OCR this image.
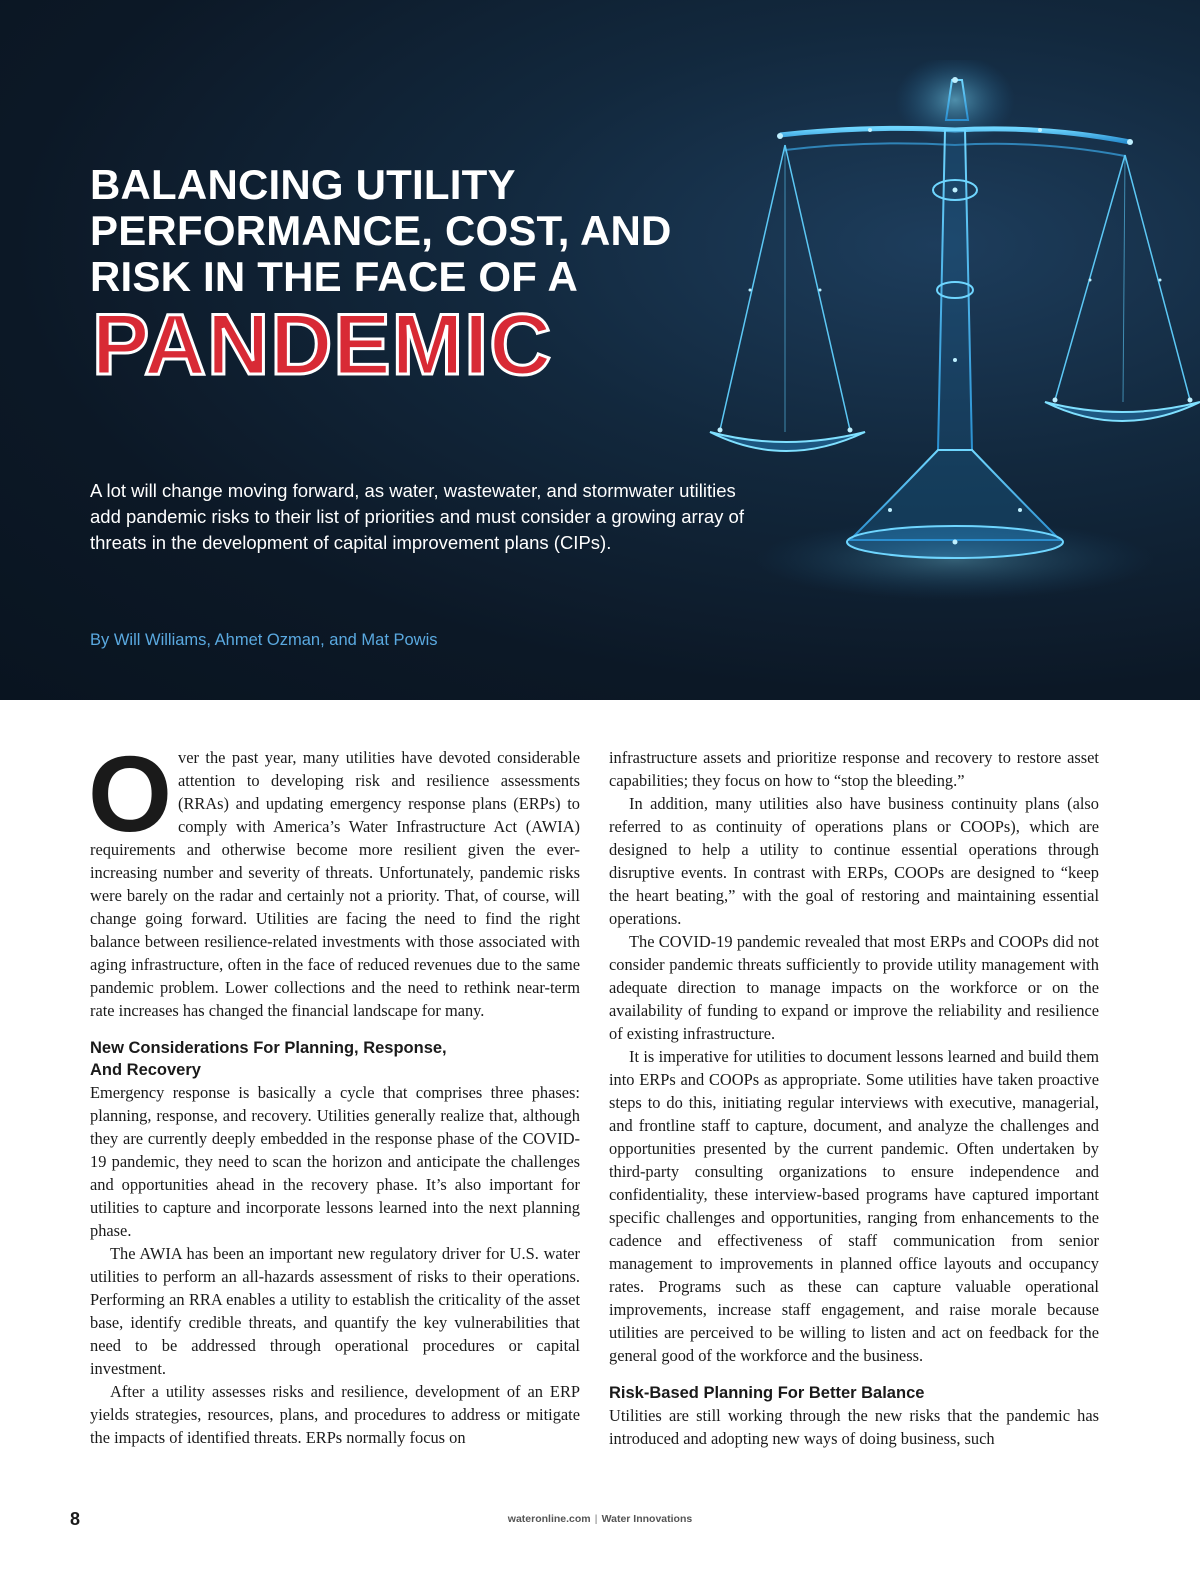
BALANCING UTILITY
PERFORMANCE, COST, AND
RISK IN THE FACE OF A
PANDEMIC

A lot will change moving forward, as water, wastewater, and stormwater utilities add pandemic risks to their list of priorities and must consider a growing array of threats in the development of capital improvement plans (CIPs).

By Will Williams, Ahmet Ozman, and Mat Powis

Over the past year, many utilities have devoted considerable attention to developing risk and resilience assessments (RRAs) and updating emergency response plans (ERPs) to comply with America’s Water Infrastructure Act (AWIA) requirements and otherwise become more resilient given the ever-increasing number and severity of threats. Unfortunately, pandemic risks were barely on the radar and certainly not a priority. That, of course, will change going forward. Utilities are facing the need to find the right balance between resilience-related investments with those associated with aging infrastructure, often in the face of reduced revenues due to the same pandemic problem. Lower collections and the need to rethink near-term rate increases has changed the financial landscape for many.

New Considerations For Planning, Response,
And Recovery

Emergency response is basically a cycle that comprises three phases: planning, response, and recovery. Utilities generally realize that, although they are currently deeply embedded in the response phase of the COVID-19 pandemic, they need to scan the horizon and anticipate the challenges and opportunities ahead in the recovery phase. It’s also important for utilities to capture and incorporate lessons learned into the next planning phase.

The AWIA has been an important new regulatory driver for U.S. water utilities to perform an all-hazards assessment of risks to their operations. Performing an RRA enables a utility to establish the criticality of the asset base, identify credible threats, and quantify the key vulnerabilities that need to be addressed through operational procedures or capital investment.

After a utility assesses risks and resilience, development of an ERP yields strategies, resources, plans, and procedures to address or mitigate the impacts of identified threats. ERPs normally focus on

infrastructure assets and prioritize response and recovery to restore asset capabilities; they focus on how to “stop the bleeding.”

In addition, many utilities also have business continuity plans (also referred to as continuity of operations plans or COOPs), which are designed to help a utility to continue essential operations through disruptive events. In contrast with ERPs, COOPs are designed to “keep the heart beating,” with the goal of restoring and maintaining essential operations.

The COVID-19 pandemic revealed that most ERPs and COOPs did not consider pandemic threats sufficiently to provide utility management with adequate direction to manage impacts on the workforce or on the availability of funding to expand or improve the reliability and resilience of existing infrastructure.

It is imperative for utilities to document lessons learned and build them into ERPs and COOPs as appropriate. Some utilities have taken proactive steps to do this, initiating regular interviews with executive, managerial, and frontline staff to capture, document, and analyze the challenges and opportunities presented by the current pandemic. Often undertaken by third-party consulting organizations to ensure independence and confidentiality, these interview-based programs have captured important specific challenges and opportunities, ranging from enhancements to the cadence and effectiveness of staff communication from senior management to improvements in planned office layouts and occupancy rates. Programs such as these can capture valuable operational improvements, increase staff engagement, and raise morale because utilities are perceived to be willing to listen and act on feedback for the general good of the workforce and the business.

Risk-Based Planning For Better Balance

Utilities are still working through the new risks that the pandemic has introduced and adopting new ways of doing business, such

8	wateronline.com | Water Innovations
